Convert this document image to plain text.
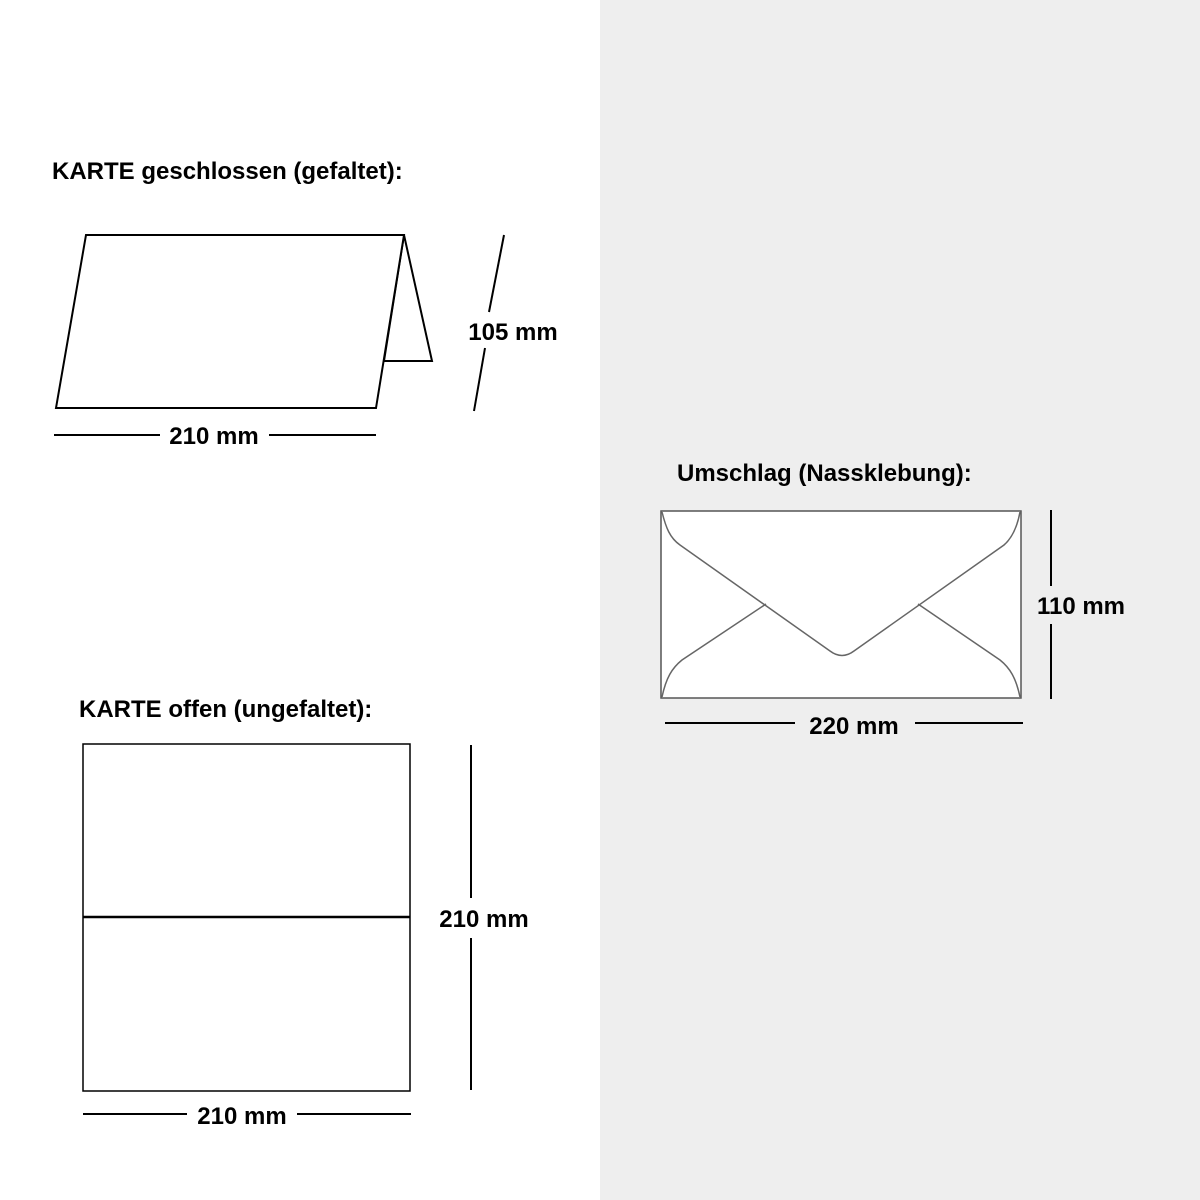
KARTE geschlossen (gefaltet):
210 mm
105 mm
KARTE offen (ungefaltet):
210 mm
210 mm
Umschlag (Nassklebung):
220 mm
110 mm
